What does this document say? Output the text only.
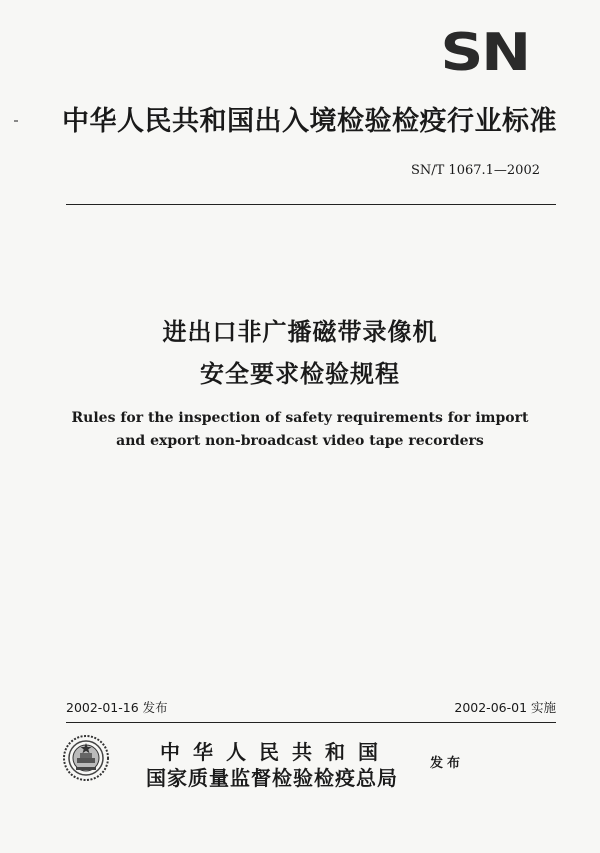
SN
中华人民共和国出入境检验检疫行业标准
SN/T 1067.1—2002
进出口非广播磁带录像机
安全要求检验规程
Rules for the inspection of safety requirements for import
and export non-broadcast video tape recorders
2002-01-16 发布	2002-06-01 实施
中华人民共和国
国家质量监督检验检疫总局
发布
